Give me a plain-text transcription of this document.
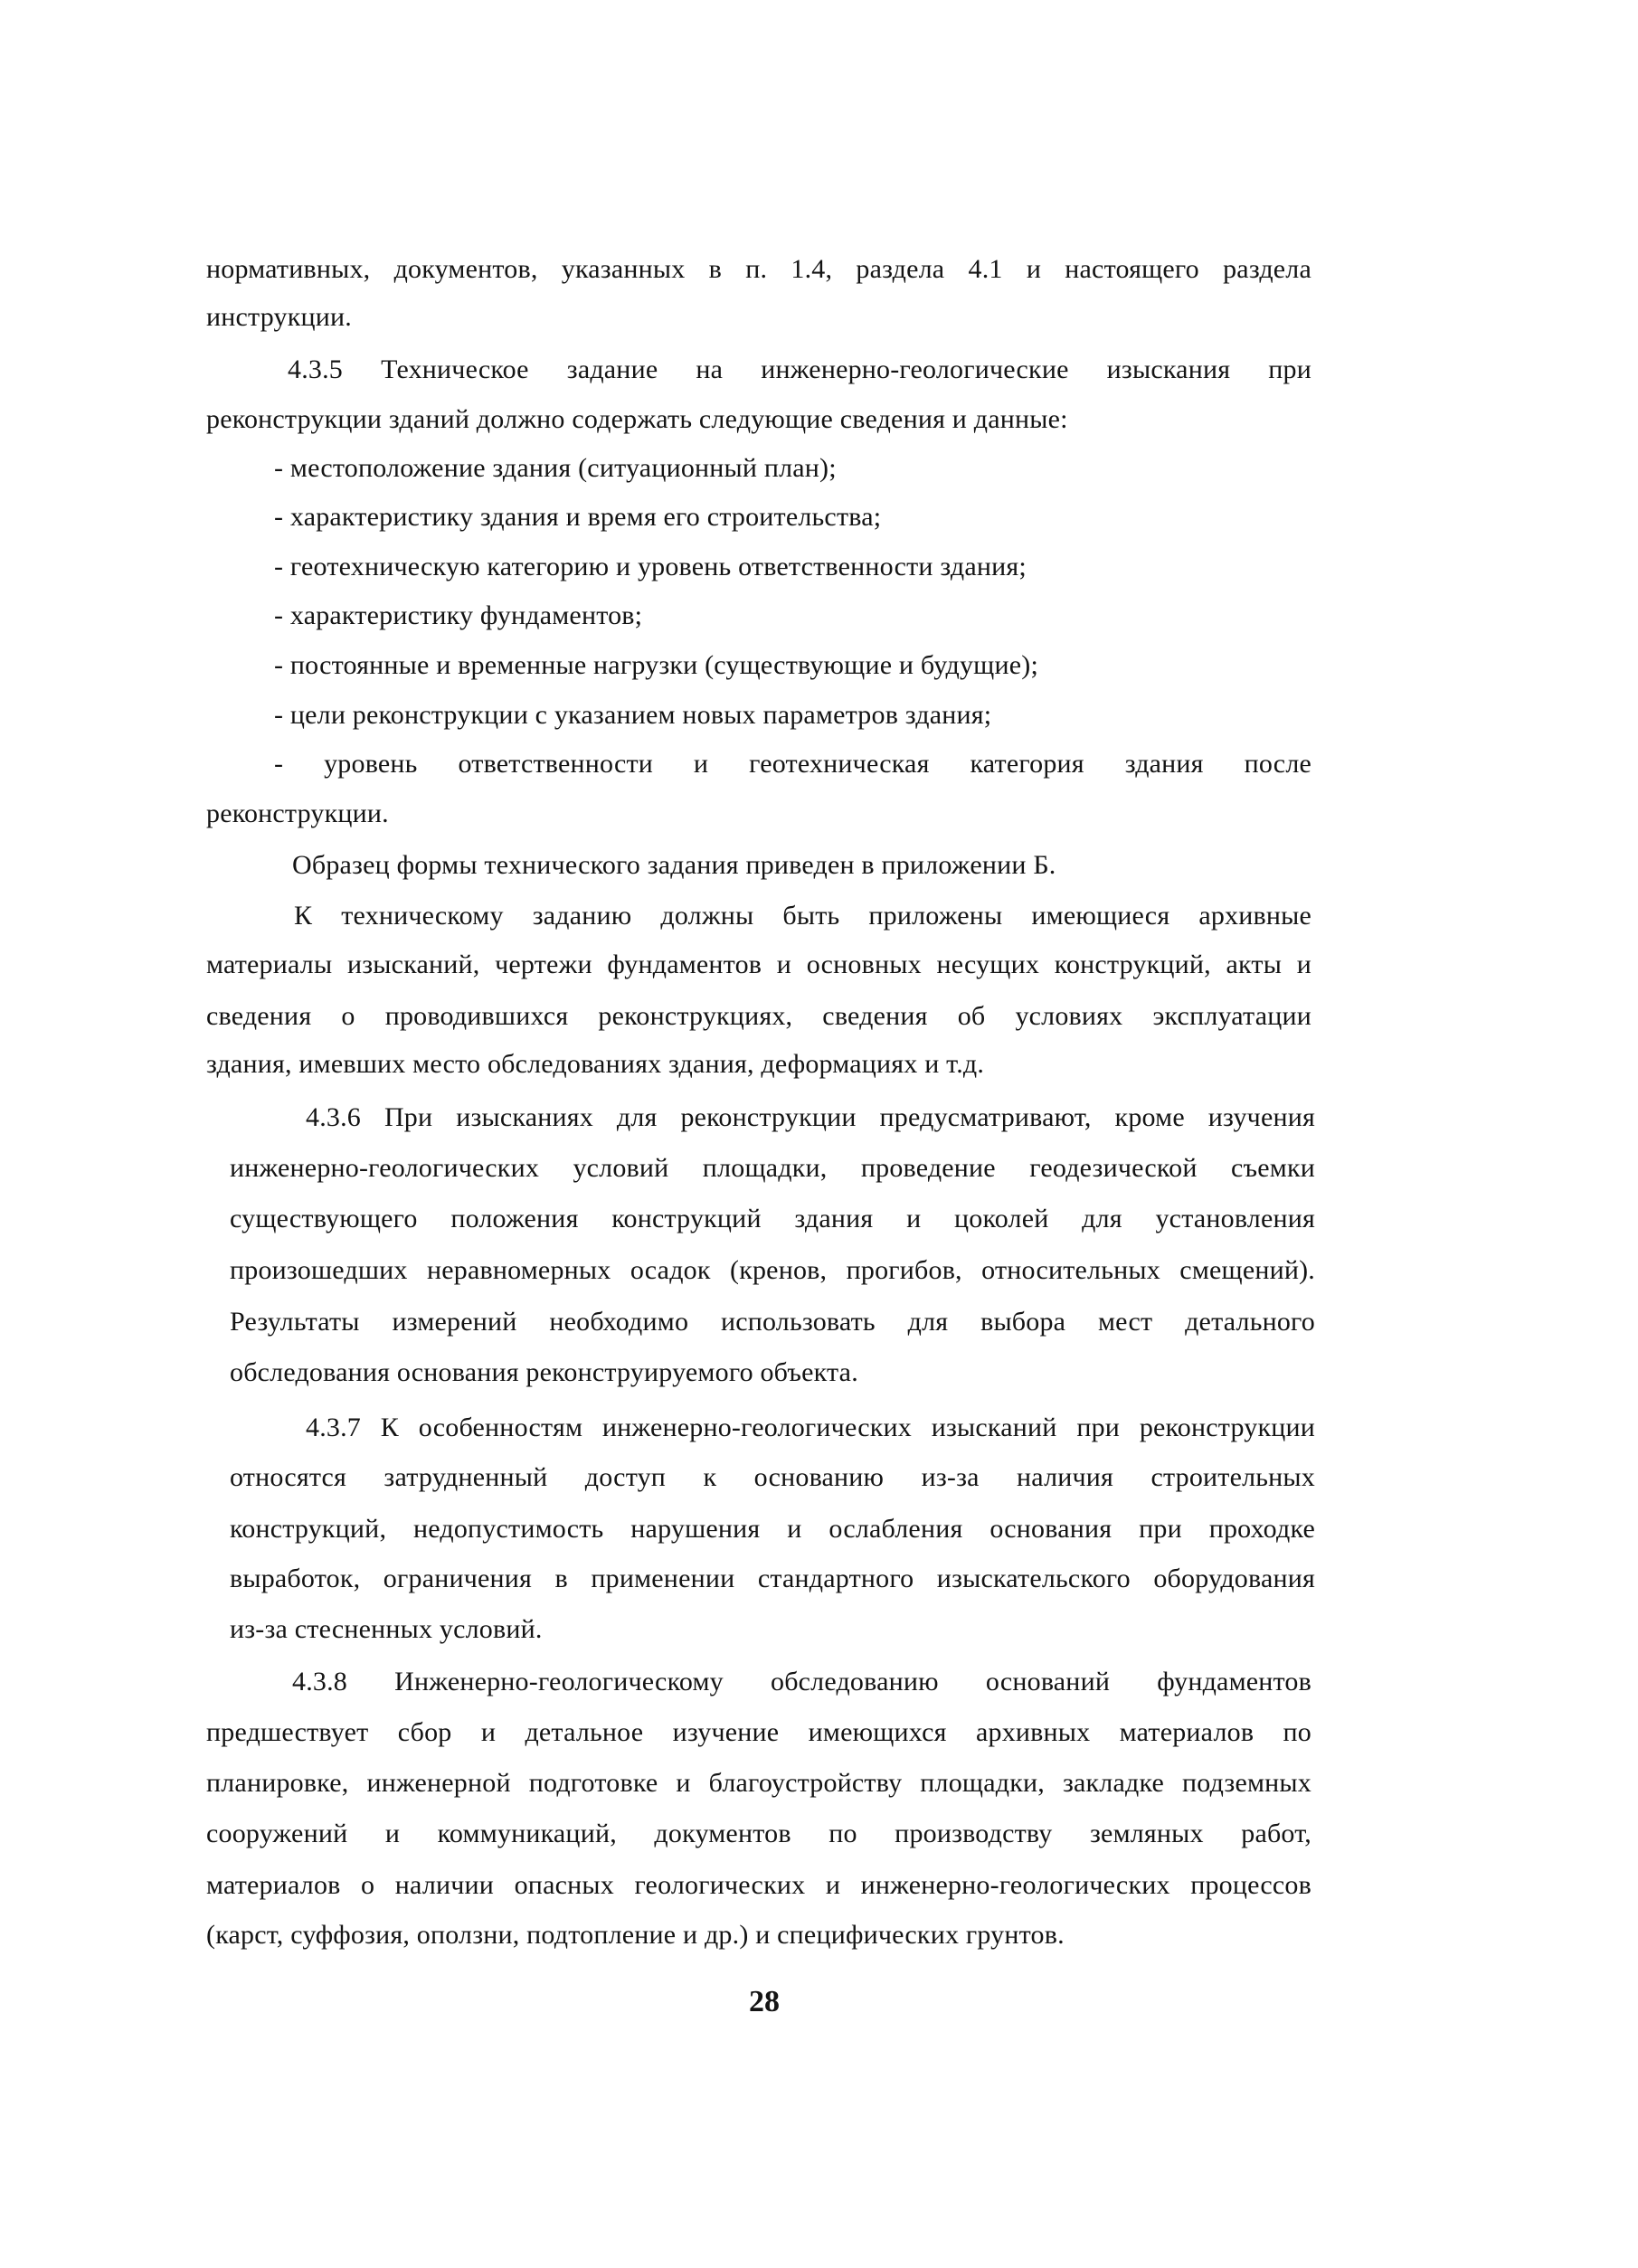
нормативных, документов, указанных в п. 1.4, раздела 4.1 и настоящего раздела
инструкции.
4.3.5 Техническое задание на инженерно-геологические изыскания при
реконструкции зданий должно содержать следующие сведения и данные:
- местоположение здания (ситуационный план);
- характеристику здания и время его строительства;
- геотехническую категорию и уровень ответственности здания;
- характеристику фундаментов;
- постоянные и временные нагрузки (существующие и будущие);
- цели реконструкции с указанием новых параметров здания;
- уровень ответственности и геотехническая категория здания после
реконструкции.
Образец формы технического задания приведен в приложении Б.
К техническому заданию должны быть приложены имеющиеся архивные
материалы изысканий, чертежи фундаментов и основных несущих конструкций, акты и
сведения о проводившихся реконструкциях, сведения об условиях эксплуатации
здания, имевших место обследованиях здания, деформациях и т.д.
4.3.6 При изысканиях для реконструкции предусматривают, кроме изучения
инженерно-геологических условий площадки, проведение геодезической съемки
существующего положения конструкций здания и цоколей для установления
произошедших неравномерных осадок (кренов, прогибов, относительных смещений).
Результаты измерений необходимо использовать для выбора мест детального
обследования основания реконструируемого объекта.
4.3.7 К особенностям инженерно-геологических изысканий при реконструкции
относятся затрудненный доступ к основанию из-за наличия строительных
конструкций, недопустимость нарушения и ослабления основания при проходке
выработок, ограничения в применении стандартного изыскательского оборудования
из-за стесненных условий.
4.3.8 Инженерно-геологическому обследованию оснований фундаментов
предшествует сбор и детальное изучение имеющихся архивных материалов по
планировке, инженерной подготовке и благоустройству площадки, закладке подземных
сооружений и коммуникаций, документов по производству земляных работ,
материалов о наличии опасных геологических и инженерно-геологических процессов
(карст, суффозия, оползни, подтопление и др.) и специфических грунтов.
28
